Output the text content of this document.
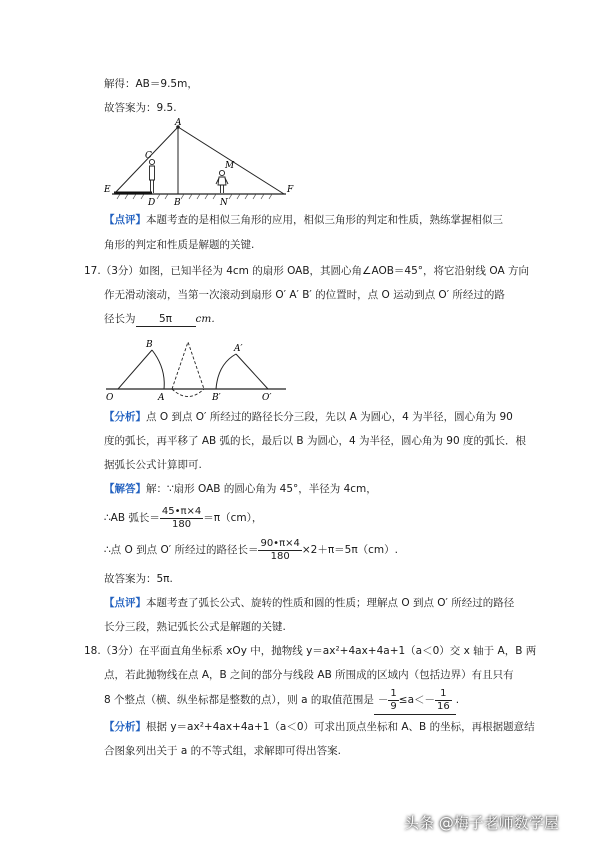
解得：AB＝9.5m，
故答案为：9.5.
A
C
M
E	F
D B	N
【点评】本题考查的是相似三角形的应用，相似三角形的判定和性质，熟练掌握相似三
角形的判定和性质是解题的关键.
17.（3分）如图，已知半径为 4cm 的扇形 OAB，其圆心角∠AOB＝45°，将它沿射线 OA 方向
作无滑动滚动，当第一次滚动到扇形 O′ A′ B′ 的位置时，点 O 运动到点 O′ 所经过的路
径长为 5π cm.
O	A
B
B′
A′
O′
【分析】点 O 到点 O′ 所经过的路径长分三段，先以 A 为圆心，4 为半径，圆心角为 90
度的弧长，再平移了 AB 弧的长，最后以 B 为圆心，4 为半径，圆心角为 90 度的弧长．根
据弧长公式计算即可.
【解答】解：∵扇形 OAB 的圆心角为 45°，半径为 4cm，
∴AB 弧长＝ $\frac{45•\pi\times 4}{180} =\pi(cm)$，
∴点 O 到点 O′ 所经过的路径长＝ $\frac{90•\pi\times 4}{180} \times 2+\pi=5\pi(cm)$.
故答案为：5π.
【点评】本题考查了弧长公式、旋转的性质和圆的性质；理解点 O 到点 O′ 所经过的路径
长分三段，熟记弧长公式是解题的关键.
18.（3分）在平面直角坐标系 xOy 中，抛物线 y＝ax²+4ax+4a+1（a＜0）交 x 轴于 A，B 两
点，若此抛物线在点 A，B 之间的部分与线段 AB 所围成的区域内（包括边界）有且只有
8 个整点（横、纵坐标都是整数的点），则 a 的取值范围是 － $\frac{1}{9} \le a<- \frac{1}{16}$ .
【分析】根据 y＝ax²+4ax+4a+1（a＜0）可求出顶点坐标和 A、B 的坐标，再根据题意结
合图象列出关于 a 的不等式组，求解即可得出答案.
头条 @梅子老师数学屋
